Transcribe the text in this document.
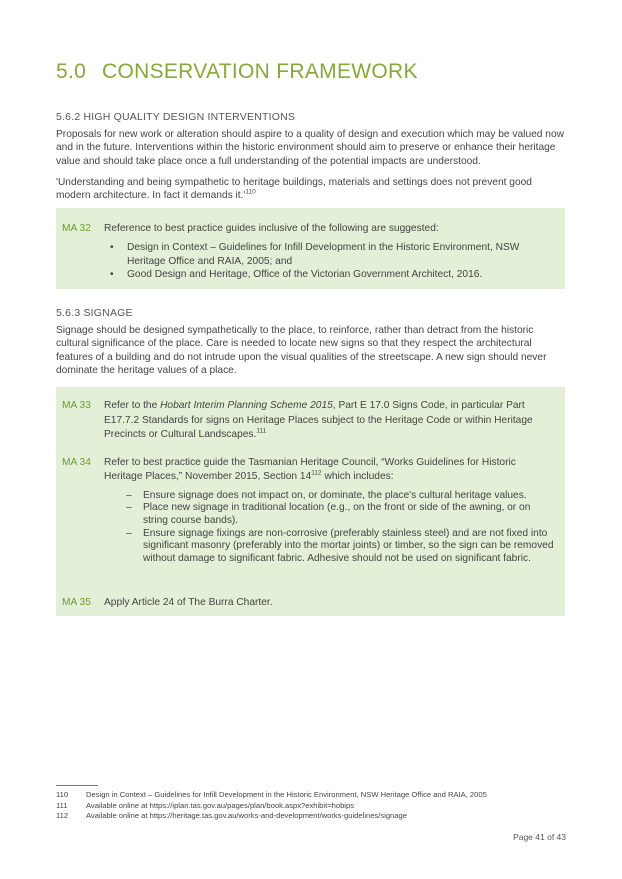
5.0 CONSERVATION FRAMEWORK
5.6.2 HIGH QUALITY DESIGN INTERVENTIONS

Proposals for new work or alteration should aspire to a quality of design and execution which may be valued now and in the future. Interventions within the historic environment should aim to preserve or enhance their heritage value and should take place once a full understanding of the potential impacts are understood.

'Understanding and being sympathetic to heritage buildings, materials and settings does not prevent good modern architecture. In fact it demands $it.'^{110}$

MA 32 Reference to best practice guides inclusive of the following are suggested:
• Design in Context – Guidelines for Infill Development in the Historic Environment, NSW Heritage Office and RAIA, 2005; and
• Good Design and Heritage, Office of the Victorian Government Architect, 2016.
5.6.3 SIGNAGE

Signage should be designed sympathetically to the place, to reinforce, rather than detract from the historic cultural significance of the place. Care is needed to locate new signs so that they respect the architectural features of a building and do not intrude upon the visual qualities of the streetscape. A new sign should never dominate the heritage values of a place.

MA 33 Refer to the Hobart Interim Planning Scheme 2015, Part E 17.0 Signs Code, in particular Part E17.7.2 Standards for signs on Heritage Places subject to the Heritage Code or within Heritage Precincts or Cultural Landscapes.$^{111}$
MA 34 Refer to best practice guide the Tasmanian Heritage Council, “Works Guidelines for Historic Heritage Places,” November 2015, Section $14^{112}$ which includes:
– Ensure signage does not impact on, or dominate, the place's cultural heritage values.
– Place new signage in traditional location (e.g., on the front or side of the awning, or on string course bands).
– Ensure signage fixings are non-corrosive (preferably stainless steel) and are not fixed into significant masonry (preferably into the mortar joints) or timber, so the sign can be removed without damage to significant fabric. Adhesive should not be used on significant fabric.
MA 35 Apply Article 24 of The Burra Charter.
110	Design in Context – Guidelines for Infill Development in the Historic Environment, NSW Heritage Office and RAIA, 2005
111	Available online at https://iplan.tas.gov.au/pages/plan/book.aspx?exhibit=hobips
112	Available online at https://heritage.tas.gov.au/works-and-development/works-guidelines/signage
Page 41 of 43
